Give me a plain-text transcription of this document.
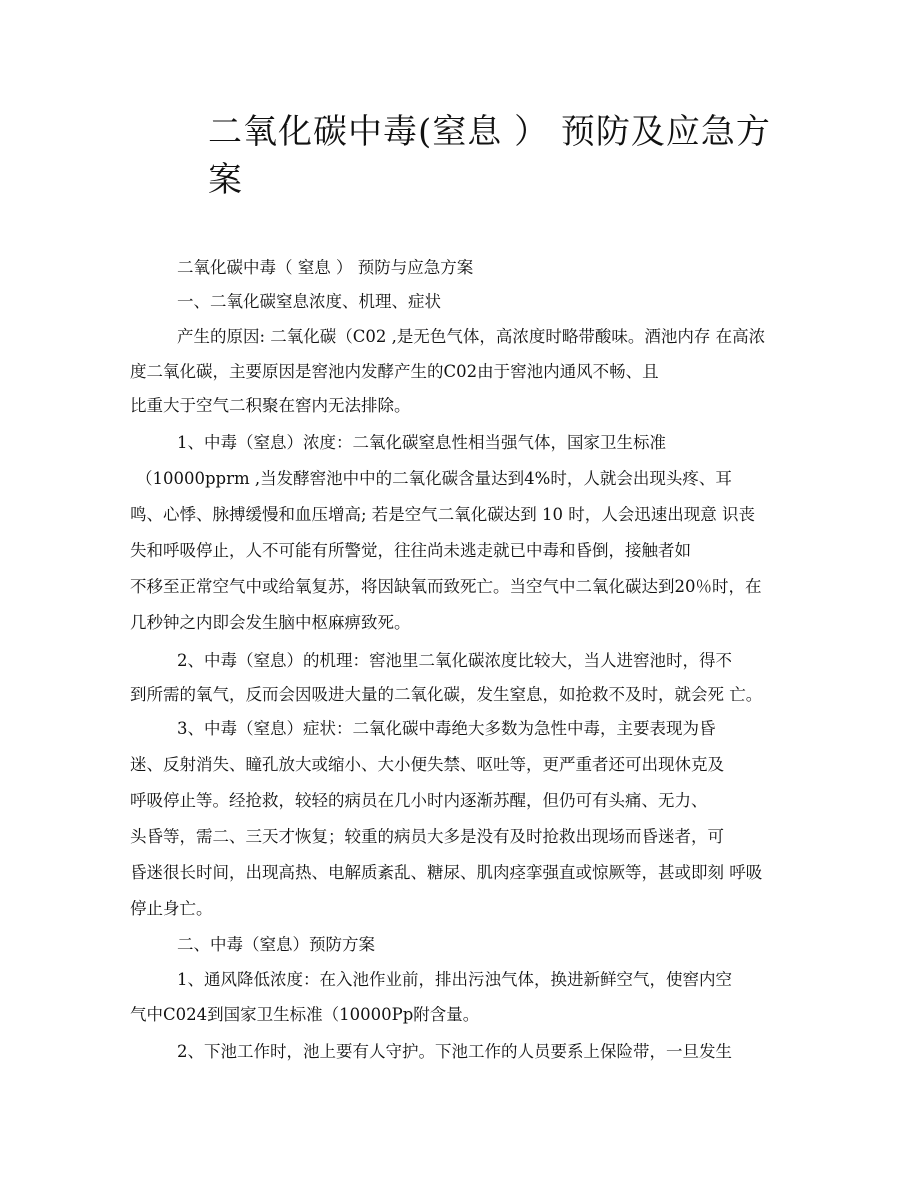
二氧化碳中毒(窒息 ） 预防及应急方
案

二氧化碳中毒（ 窒息 ） 预防与应急方案

一、二氧化碳窒息浓度、机理、症状

产生的原因: 二氧化碳（C02 ,是无色气体，高浓度时略带酸味。酒池内存 在高浓

度二氧化碳，主要原因是窖池内发酵产生的C02由于窖池内通风不畅、且

比重大于空气二积聚在窖内无法排除。

1、中毒（窒息）浓度：二氧化碳窒息性相当强气体，国家卫生标准

（10000pprm ,当发酵窖池中中的二氧化碳含量达到4%时，人就会出现头疼、耳

鸣、心悸、脉搏缓慢和血压增高; 若是空气二氧化碳达到 10 时，人会迅速出现意 识丧

失和呼吸停止，人不可能有所警觉，往往尚未逃走就已中毒和昏倒，接触者如

不移至正常空气中或给氧复苏，将因缺氧而致死亡。当空气中二氧化碳达到20％时，在

几秒钟之内即会发生脑中枢麻痹致死。

2、中毒（窒息）的机理：窖池里二氧化碳浓度比较大，当人进窖池时，得不

到所需的氧气，反而会因吸进大量的二氧化碳，发生窒息，如抢救不及时，就会死 亡。

3、中毒（窒息）症状：二氧化碳中毒绝大多数为急性中毒，主要表现为昏

迷、反射消失、瞳孔放大或缩小、大小便失禁、呕吐等，更严重者还可出现休克及

呼吸停止等。经抢救，较轻的病员在几小时内逐渐苏醒，但仍可有头痛、无力、

头昏等，需二、三天才恢复；较重的病员大多是没有及时抢救出现场而昏迷者，可

昏迷很长时间，出现高热、电解质紊乱、糖尿、肌肉痉挛强直或惊厥等，甚或即刻 呼吸

停止身亡。

二、中毒（窒息）预防方案

1、通风降低浓度：在入池作业前，排出污浊气体，换进新鲜空气，使窖内空

气中C024到国家卫生标准（10000Pp附含量。

2、下池工作时，池上要有人守护。下池工作的人员要系上保险带，一旦发生
